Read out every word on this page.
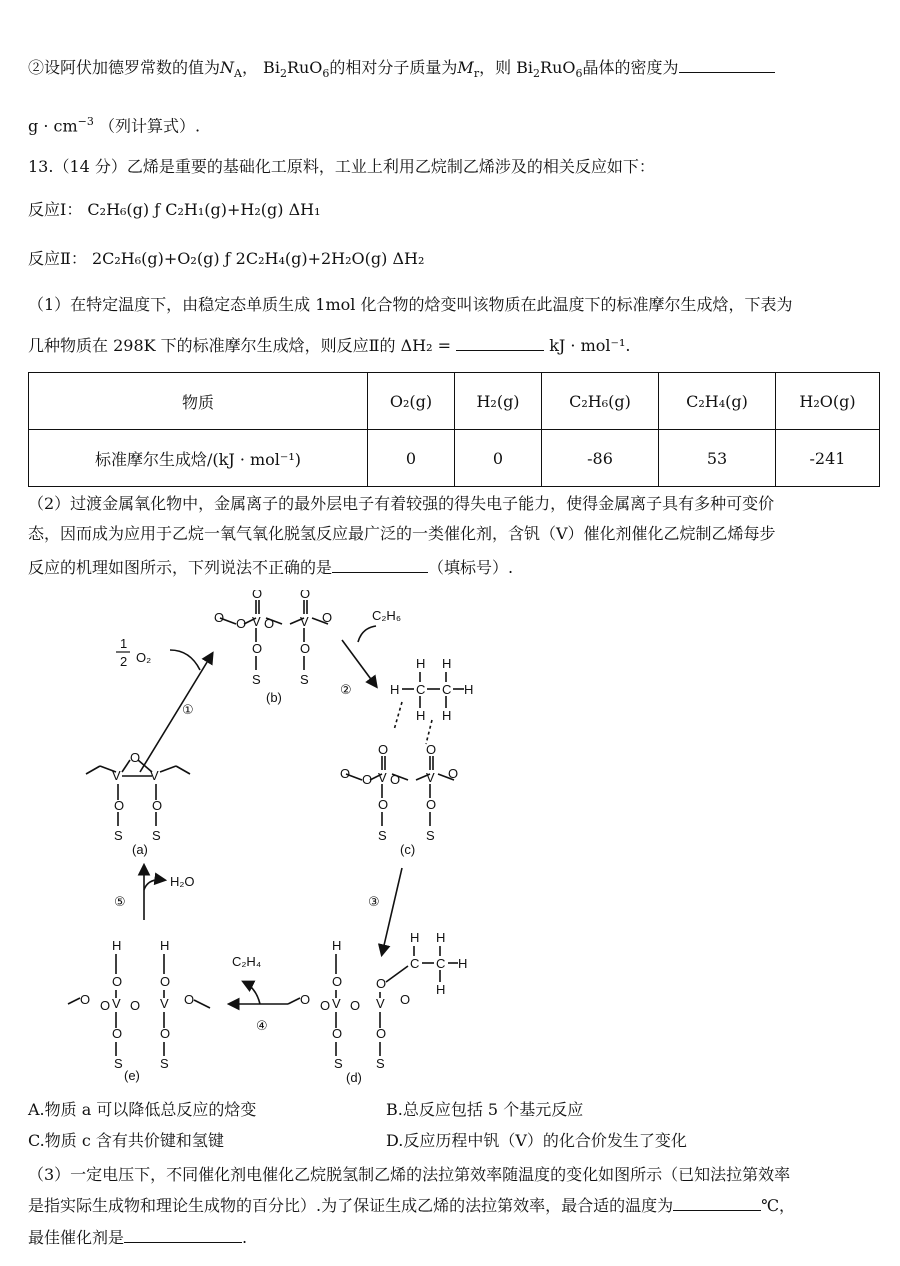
②设阿伏加德罗常数的值为$N_A$， $Bi_2RuO_6$的相对分子质量为$M_r$，则 $Bi_2RuO_6$晶体的密度为
$g \cdot cm^{-3}$ （列计算式）.
13.（14 分）乙烯是重要的基础化工原料，工业上利用乙烷制乙烯涉及的相关反应如下：
反应Ⅰ： C₂H₆(g) ƒ C₂H₁(g)+H₂(g) ΔH₁
反应Ⅱ： 2C₂H₆(g)+O₂(g) ƒ 2C₂H₄(g)+2H₂O(g) ΔH₂
（1）在特定温度下，由稳定态单质生成 1mol 化合物的焓变叫该物质在此温度下的标准摩尔生成焓，下表为
几种物质在 298K 下的标准摩尔生成焓，则反应Ⅱ的 ΔH₂ =	kJ · mol⁻¹.
物质	O₂(g)	H₂(g)	C₂H₆(g)	C₂H₄(g)	H₂O(g)
标准摩尔生成焓/(kJ · mol⁻¹)	0	0	-86	53	-241
（2）过渡金属氧化物中，金属离子的最外层电子有着较强的得失电子能力，使得金属离子具有多种可变价
态，因而成为应用于乙烷一氧气氧化脱氢反应最广泛的一类催化剂，含钒（V）催化剂催化乙烷制乙烯每步
反应的机理如图所示，下列说法不正确的是	（填标号）.
O	O
O O V O V O
O	O
S	S
(b)
1
2 O₂
①
C₂H₆
②
H H
H C C H
H H
O	O
O O V O V O
O	O
S	S
(c)
③
V
O
V
O O
S S
(a)
H₂O
⑤
H	H
O	O
O O V O V O
O	O
S	S
(e)
C₂H₄
④
H
O
O O V O V O
O
O	O
S	S
H H
C C H
H
(d)
A.物质 a 可以降低总反应的焓变	B.总反应包括 5 个基元反应
C.物质 c 含有共价键和氢键	D.反应历程中钒（V）的化合价发生了变化
（3）一定电压下，不同催化剂电催化乙烷脱氢制乙烯的法拉第效率随温度的变化如图所示（已知法拉第效率
是指实际生成物和理论生成物的百分比）.为了保证生成乙烯的法拉第效率，最合适的温度为	℃，
最佳催化剂是	.
